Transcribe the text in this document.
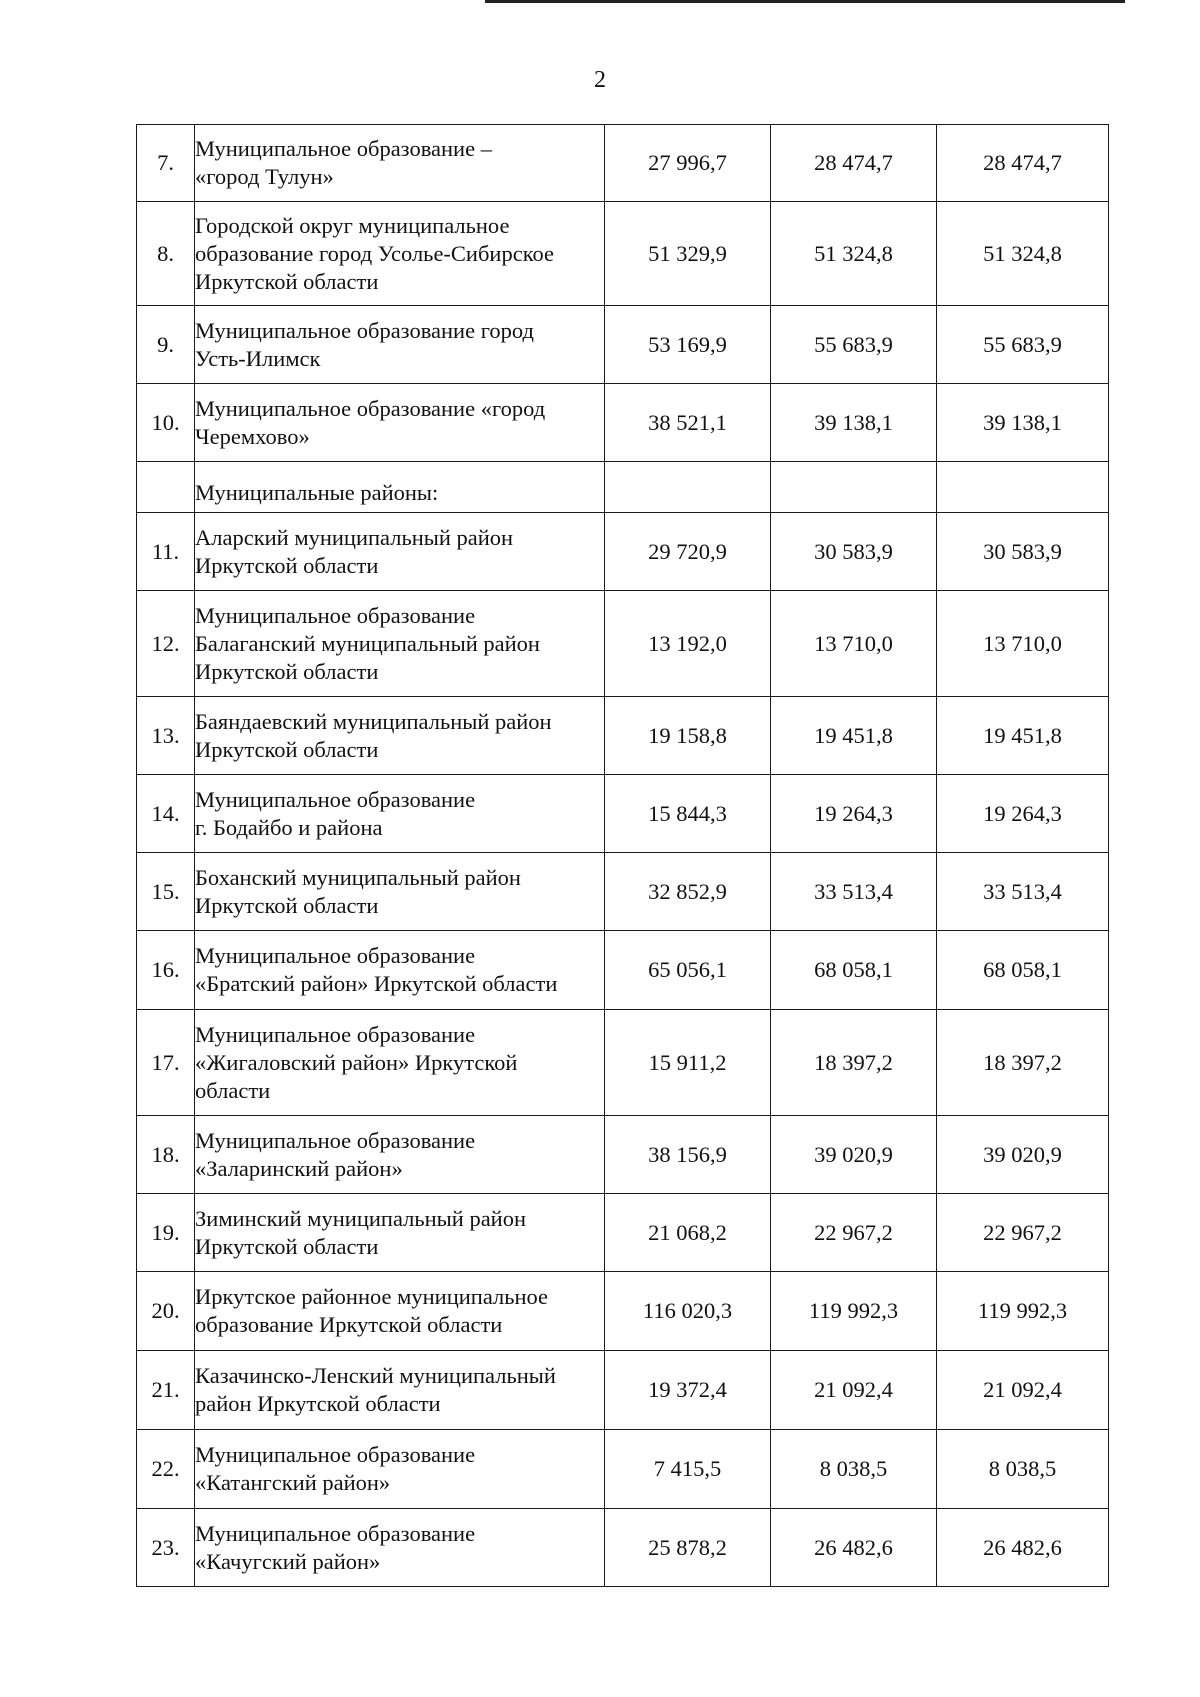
2
7.	Муниципальное образование –
«город Тулун»	27 996,7	28 474,7	28 474,7
8.	Городской округ муниципальное
образование город Усолье-Сибирское
Иркутской области	51 329,9	51 324,8	51 324,8
9.	Муниципальное образование город
Усть-Илимск	53 169,9	55 683,9	55 683,9
10.	Муниципальное образование «город
Черемхово»	38 521,1	39 138,1	39 138,1
	Муниципальные районы:			
11.	Аларский муниципальный район
Иркутской области	29 720,9	30 583,9	30 583,9
12.	Муниципальное образование
Балаганский муниципальный район
Иркутской области	13 192,0	13 710,0	13 710,0
13.	Баяндаевский муниципальный район
Иркутской области	19 158,8	19 451,8	19 451,8
14.	Муниципальное образование
г. Бодайбо и района	15 844,3	19 264,3	19 264,3
15.	Боханский муниципальный район
Иркутской области	32 852,9	33 513,4	33 513,4
16.	Муниципальное образование
«Братский район» Иркутской области	65 056,1	68 058,1	68 058,1
17.	Муниципальное образование
«Жигаловский район» Иркутской
области	15 911,2	18 397,2	18 397,2
18.	Муниципальное образование
«Заларинский район»	38 156,9	39 020,9	39 020,9
19.	Зиминский муниципальный район
Иркутской области	21 068,2	22 967,2	22 967,2
20.	Иркутское районное муниципальное
образование Иркутской области	116 020,3	119 992,3	119 992,3
21.	Казачинско-Ленский муниципальный
район Иркутской области	19 372,4	21 092,4	21 092,4
22.	Муниципальное образование
«Катангский район»	7 415,5	8 038,5	8 038,5
23.	Муниципальное образование
«Качугский район»	25 878,2	26 482,6	26 482,6
